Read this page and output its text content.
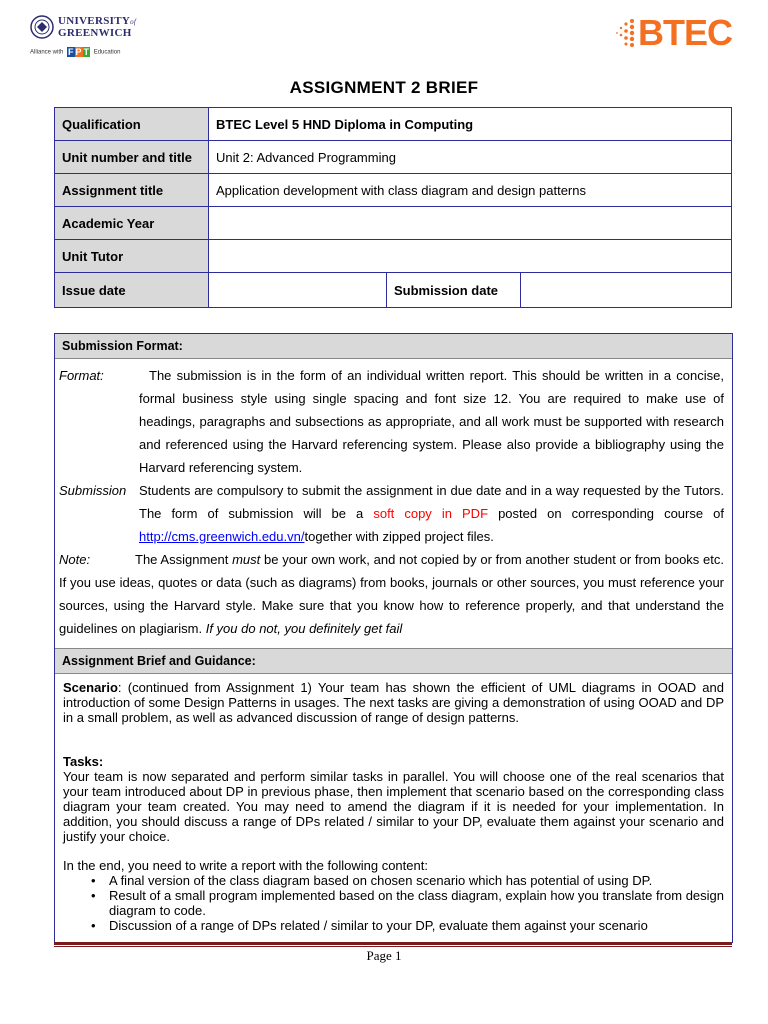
UNIVERSITYof
GREENWICH
Alliance with F P T Education	BTEC
ASSIGNMENT 2 BRIEF
Qualification	BTEC Level 5 HND Diploma in Computing		
Unit number and title	Unit 2: Advanced Programming		
Assignment title	Application development with class diagram and design patterns		
Academic Year			
Unit Tutor			
Issue date		Submission date	
Submission Format:
Format:	The submission is in the form of an individual written report. This should be written in a concise, formal business style using single spacing and font size 12. You are required to make use of headings, paragraphs and subsections as appropriate, and all work must be supported with research and referenced using the Harvard referencing system. Please also provide a bibliography using the Harvard referencing system.
Submission Students are compulsory to submit the assignment in due date and in a way requested by the Tutors. The form of submission will be a soft copy in PDF posted on corresponding course of http://cms.greenwich.edu.vn/together with zipped project files.
Note:	The Assignment must be your own work, and not copied by or from another student or from books etc. If you use ideas, quotes or data (such as diagrams) from books, journals or other sources, you must reference your sources, using the Harvard style. Make sure that you know how to reference properly, and that understand the guidelines on plagiarism. If you do not, you definitely get fail
Assignment Brief and Guidance:
Scenario: (continued from Assignment 1) Your team has shown the efficient of UML diagrams in OOAD and introduction of some Design Patterns in usages. The next tasks are giving a demonstration of using OOAD and DP in a small problem, as well as advanced discussion of range of design patterns.
Tasks:
Your team is now separated and perform similar tasks in parallel. You will choose one of the real scenarios that your team introduced about DP in previous phase, then implement that scenario based on the corresponding class diagram your team created. You may need to amend the diagram if it is needed for your implementation. In addition, you should discuss a range of DPs related / similar to your DP, evaluate them against your scenario and justify your choice.
In the end, you need to write a report with the following content:
• A final version of the class diagram based on chosen scenario which has potential of using DP.
• Result of a small program implemented based on the class diagram, explain how you translate from design diagram to code.
• Discussion of a range of DPs related / similar to your DP, evaluate them against your scenario
Page 1
